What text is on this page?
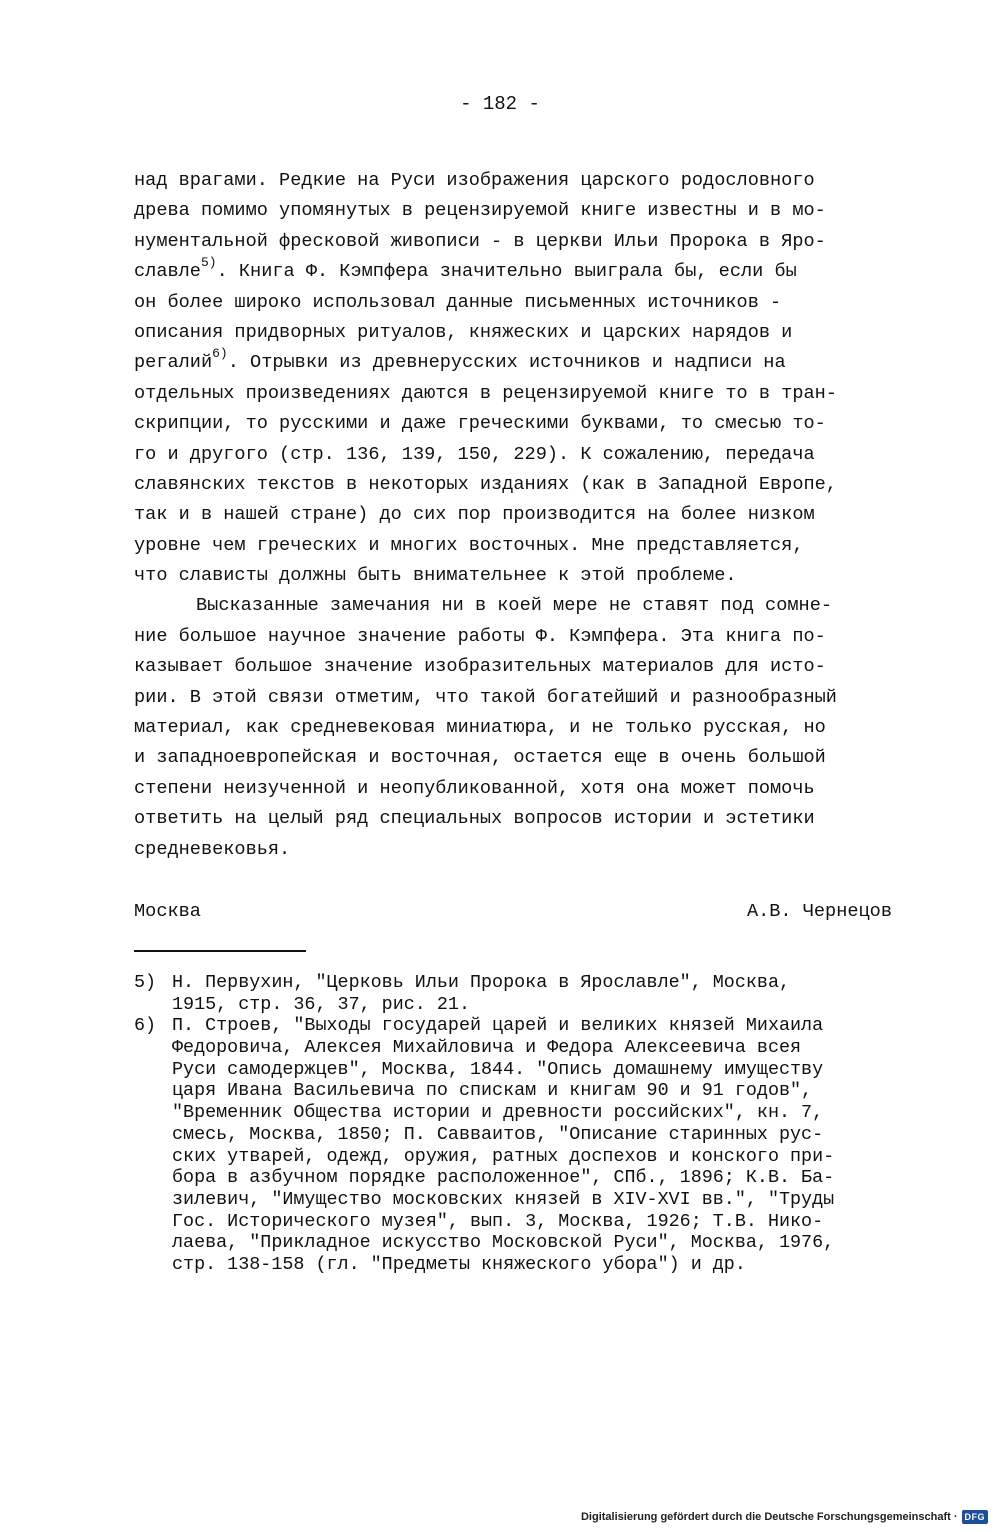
- 182 -
над врагами. Редкие на Руси изображения царского родословного
древа помимо упомянутых в рецензируемой книге известны и в мо-
нументальной фресковой живописи - в церкви Ильи Пророка в Яро-
славле$^{5)}$. Книга Ф. Кэмпфера значительно выиграла бы, если бы
он более широко использовал данные письменных источников -
описания придворных ритуалов, княжеских и царских нарядов и
регалий$^{6)}$. Отрывки из древнерусских источников и надписи на
отдельных произведениях даются в рецензируемой книге то в тран-
скрипции, то русскими и даже греческими буквами, то смесью то-
го и другого (стр. 136, 139, 150, 229). К сожалению, передача
славянских текстов в некоторых изданиях (как в Западной Европе,
так и в нашей стране) до сих пор производится на более низком
уровне чем греческих и многих восточных. Мне представляется,
что слависты должны быть внимательнее к этой проблеме.
Высказанные замечания ни в коей мере не ставят под сомне-
ние большое научное значение работы Ф. Кэмпфера. Эта книга по-
казывает большое значение изобразительных материалов для исто-
рии. В этой связи отметим, что такой богатейший и разнообразный
материал, как средневековая миниатюра, и не только русская, но
и западноевропейская и восточная, остается еще в очень большой
степени неизученной и неопубликованной, хотя она может помочь
ответить на целый ряд специальных вопросов истории и эстетики
средневековья.
Москва	А.В. Чернецов
5) Н. Первухин, "Церковь Ильи Пророка в Ярославле", Москва,
1915, стр. 36, 37, рис. 21.
6) П. Строев, "Выходы государей царей и великих князей Михаила
Федоровича, Алексея Михайловича и Федора Алексеевича всея
Руси самодержцев", Москва, 1844. "Опись домашнему имуществу
царя Ивана Васильевича по спискам и книгам 90 и 91 годов",
"Временник Общества истории и древности российских", кн. 7,
смесь, Москва, 1850; П. Савваитов, "Описание старинных рус-
ских утварей, одежд, оружия, ратных доспехов и конского при-
бора в азбучном порядке расположенное", СПб., 1896; К.В. Ба-
зилевич, "Имущество московских князей в XIV-XVI вв.", "Труды
Гос. Исторического музея", вып. 3, Москва, 1926; Т.В. Нико-
лаева, "Прикладное искусство Московской Руси", Москва, 1976,
стр. 138-158 (гл. "Предметы княжеского убора") и др.
Digitalisierung gefördert durch die Deutsche Forschungsgemeinschaft · DFG
